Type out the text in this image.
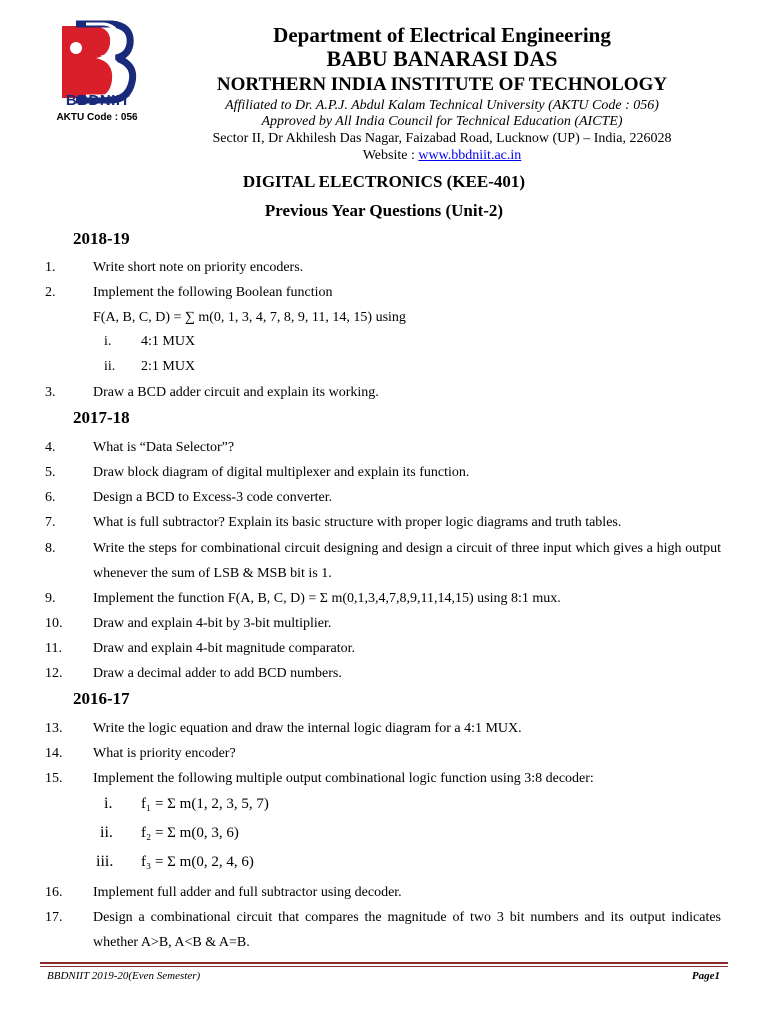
BBDNIIT
AKTU Code : 056
Department of Electrical Engineering
BABU BANARASI DAS
NORTHERN INDIA INSTITUTE OF TECHNOLOGY
Affiliated to Dr. A.P.J. Abdul Kalam Technical University (AKTU Code : 056)
Approved by All India Council for Technical Education (AICTE)
Sector II, Dr Akhilesh Das Nagar, Faizabad Road, Lucknow (UP) – India, 226028
Website : www.bbdniit.ac.in
DIGITAL ELECTRONICS (KEE-401)
Previous Year Questions (Unit-2)
2018-19
1.	Write short note on priority encoders.
2.	Implement the following Boolean function
F(A, B, C, D) = ∑ m(0, 1, 3, 4, 7, 8, 9, 11, 14, 15) using
i. 4:1 MUX
ii. 2:1 MUX
3.	Draw a BCD adder circuit and explain its working.
2017-18
4.	What is “Data Selector”?
5.	Draw block diagram of digital multiplexer and explain its function.
6.	Design a BCD to Excess-3 code converter.
7.	What is full subtractor? Explain its basic structure with proper logic diagrams and truth tables.
8.	Write the steps for combinational circuit designing and design a circuit of three input which gives a high output whenever the sum of LSB & MSB bit is 1.
9.	Implement the function F(A, B, C, D) = Σ m(0,1,3,4,7,8,9,11,14,15) using 8:1 mux.
10. Draw and explain 4-bit by 3-bit multiplier.
11. Draw and explain 4-bit magnitude comparator.
12. Draw a decimal adder to add BCD numbers.
2016-17
13. Write the logic equation and draw the internal logic diagram for a 4:1 MUX.
14. What is priority encoder?
15. Implement the following multiple output combinational logic function using 3:8 decoder:
i. f₁ = Σ m(1, 2, 3, 5, 7)
ii. f₂ = Σ m(0, 3, 6)
iii. f₃ = Σ m(0, 2, 4, 6)
16. Implement full adder and full subtractor using decoder.
17.	Design a combinational circuit that compares the magnitude of two 3 bit numbers and its output indicates whether A>B, A<B & A=B.
BBDNIIT 2019-20(Even Semester)	Page1
